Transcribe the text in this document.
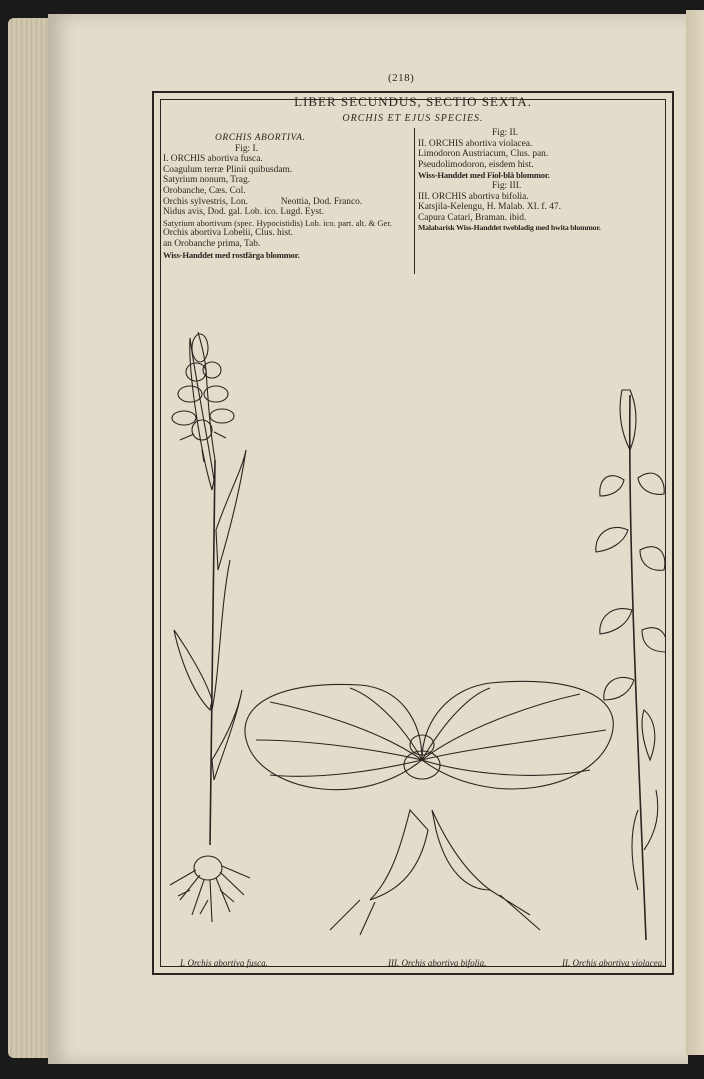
(218)
LIBER SECUNDUS, SECTIO SEXTA.
ORCHIS ET EJUS SPECIES.
ORCHIS ABORTIVA.
Fig: I.
I. ORCHIS abortiva fusca.
Coagulum terræ Plinii quibusdam.
Satyrium nonum, Trag.
Orobanche, Cæs. Col.
Orchis sylvestris, Lon.              Neottia, Dod. Franco.
Nidus avis, Dod. gal. Lob. ico. Lugd. Eyst.
Satyrium abortivum (spec. Hypocistidis) Lob. ico. part. alt. & Ger.
Orchis abortiva Lobelii, Clus. hist.
an Orobanche prima, Tab.
Wiss-Handdet med rostfärga blommor.
Fig: II.
II. ORCHIS abortiva violacea.
Limodoron Austriacum, Clus. pan.
Pseudolimodoron, eisdem hist.
Wiss-Handdet med Fiol-blå blommor.
Fig: III.
III. ORCHIS abortiva bifolia.
Katsjila-Kelengu, H. Malab. XI. f. 47.
Capura Catari, Braman. ibid.
Malabarisk Wiss-Handdet twebladig med hwita blommor.
I. Orchis abortiva fusca.	III. Orchis abortiva bifolia.	II. Orchis abortiva violacea.
